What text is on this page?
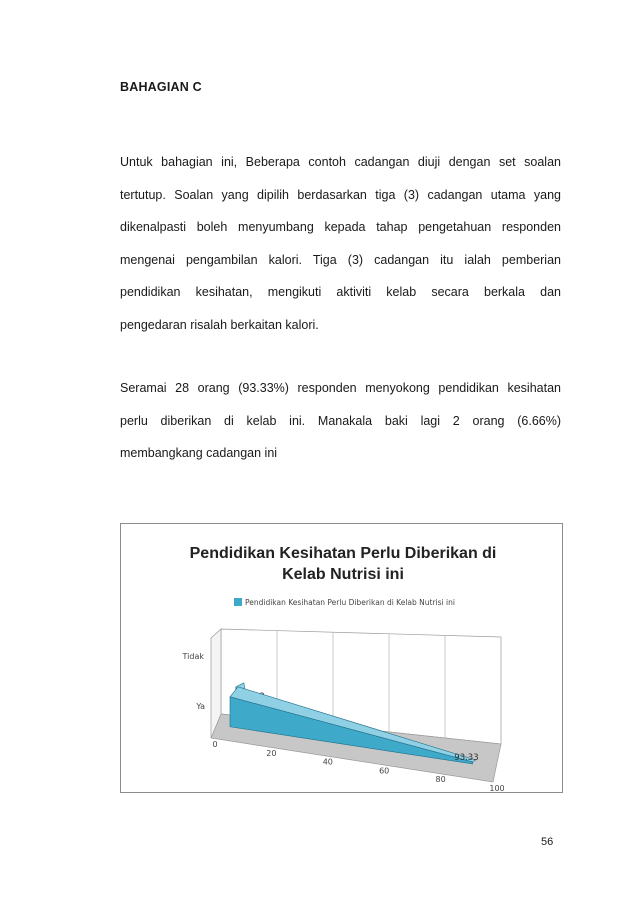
BAHAGIAN C
Untuk bahagian ini, Beberapa contoh cadangan diuji dengan set soalan
tertutup. Soalan yang dipilih berdasarkan tiga (3) cadangan utama yang
dikenalpasti boleh menyumbang kepada tahap pengetahuan responden
mengenai pengambilan kalori. Tiga (3) cadangan itu ialah pemberian
pendidikan kesihatan, mengikuti aktiviti kelab secara berkala dan
pengedaran risalah berkaitan kalori.
Seramai 28 orang (93.33%) responden menyokong pendidikan kesihatan
perlu diberikan di kelab ini. Manakala baki lagi 2 orang (6.66%)
membangkang cadangan ini
Pendidikan Kesihatan Perlu Diberikan di
Kelab Nutrisi ini
Pendidikan Kesihatan Perlu Diberikan di Kelab Nutrisi ini
0
20
40
60
80
100
Tidak
Ya
93.33
56
